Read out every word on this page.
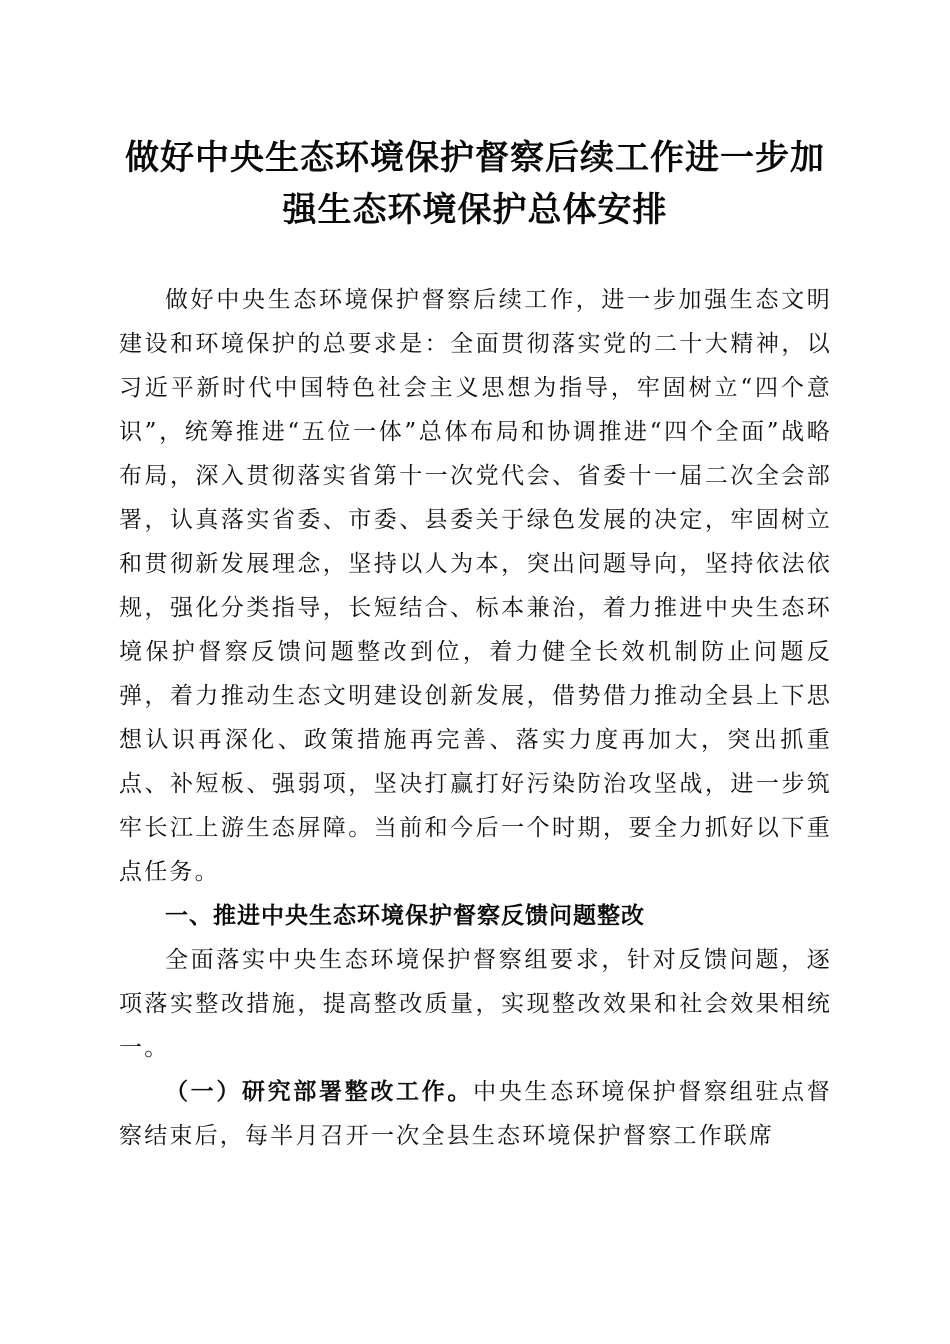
做好中央生态环境保护督察后续工作进一步加
强生态环境保护总体安排

做好中央生态环境保护督察后续工作，进一步加强生态文明建设和环境保护的总要求是：全面贯彻落实党的二十大精神，以习近平新时代中国特色社会主义思想为指导，牢固树立“四个意识”，统筹推进“五位一体”总体布局和协调推进“四个全面”战略布局，深入贯彻落实省第十一次党代会、省委十一届二次全会部署，认真落实省委、市委、县委关于绿色发展的决定，牢固树立和贯彻新发展理念，坚持以人为本，突出问题导向，坚持依法依规，强化分类指导，长短结合、标本兼治，着力推进中央生态环境保护督察反馈问题整改到位，着力健全长效机制防止问题反弹，着力推动生态文明建设创新发展，借势借力推动全县上下思想认识再深化、政策措施再完善、落实力度再加大，突出抓重点、补短板、强弱项，坚决打赢打好污染防治攻坚战，进一步筑牢长江上游生态屏障。当前和今后一个时期，要全力抓好以下重点任务。

一、推进中央生态环境保护督察反馈问题整改

全面落实中央生态环境保护督察组要求，针对反馈问题，逐项落实整改措施，提高整改质量，实现整改效果和社会效果相统一。

（一）研究部署整改工作。中央生态环境保护督察组驻点督察结束后，每半月召开一次全县生态环境保护督察工作联席
